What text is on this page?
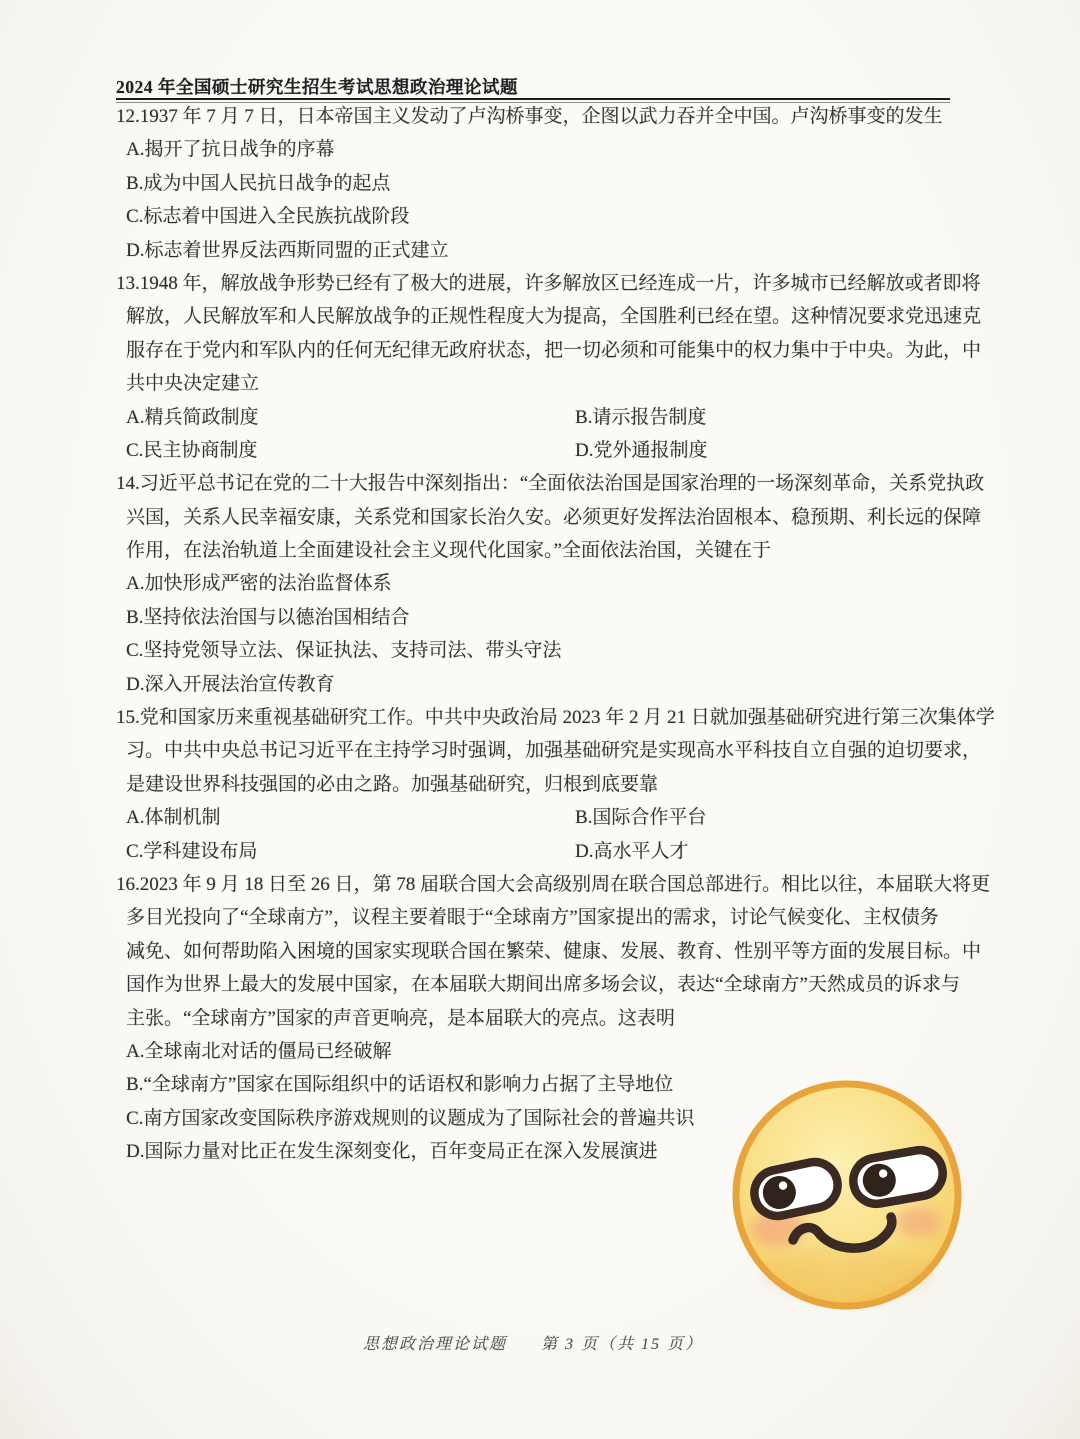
2024 年全国硕士研究生招生考试思想政治理论试题
12.1937 年 7 月 7 日，日本帝国主义发动了卢沟桥事变，企图以武力吞并全中国。卢沟桥事变的发生
A.揭开了抗日战争的序幕
B.成为中国人民抗日战争的起点
C.标志着中国进入全民族抗战阶段
D.标志着世界反法西斯同盟的正式建立
13.1948 年，解放战争形势已经有了极大的进展，许多解放区已经连成一片，许多城市已经解放或者即将
解放，人民解放军和人民解放战争的正规性程度大为提高，全国胜利已经在望。这种情况要求党迅速克
服存在于党内和军队内的任何无纪律无政府状态，把一切必须和可能集中的权力集中于中央。为此，中
共中央决定建立
A.精兵简政制度	B.请示报告制度
C.民主协商制度	D.党外通报制度
14.习近平总书记在党的二十大报告中深刻指出：“全面依法治国是国家治理的一场深刻革命，关系党执政
兴国，关系人民幸福安康，关系党和国家长治久安。必须更好发挥法治固根本、稳预期、利长远的保障
作用，在法治轨道上全面建设社会主义现代化国家。”全面依法治国，关键在于
A.加快形成严密的法治监督体系
B.坚持依法治国与以德治国相结合
C.坚持党领导立法、保证执法、支持司法、带头守法
D.深入开展法治宣传教育
15.党和国家历来重视基础研究工作。中共中央政治局 2023 年 2 月 21 日就加强基础研究进行第三次集体学
习。中共中央总书记习近平在主持学习时强调，加强基础研究是实现高水平科技自立自强的迫切要求，
是建设世界科技强国的必由之路。加强基础研究，归根到底要靠
A.体制机制	B.国际合作平台
C.学科建设布局	D.高水平人才
16.2023 年 9 月 18 日至 26 日，第 78 届联合国大会高级别周在联合国总部进行。相比以往，本届联大将更
多目光投向了“全球南方”，议程主要着眼于“全球南方”国家提出的需求，讨论气候变化、主权债务
减免、如何帮助陷入困境的国家实现联合国在繁荣、健康、发展、教育、性别平等方面的发展目标。中
国作为世界上最大的发展中国家，在本届联大期间出席多场会议，表达“全球南方”天然成员的诉求与
主张。“全球南方”国家的声音更响亮，是本届联大的亮点。这表明
A.全球南北对话的僵局已经破解
B.“全球南方”国家在国际组织中的话语权和影响力占据了主导地位
C.南方国家改变国际秩序游戏规则的议题成为了国际社会的普遍共识
D.国际力量对比正在发生深刻变化，百年变局正在深入发展演进
思想政治理论试题 第 3 页（共 15 页）
